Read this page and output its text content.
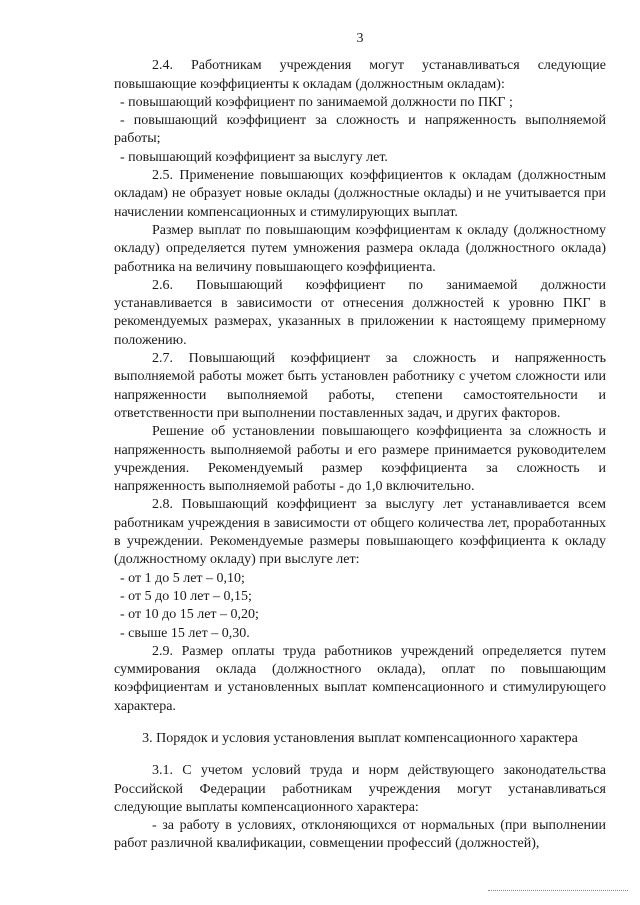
3

2.4. Работникам учреждения могут устанавливаться следующие повышающие коэффициенты к окладам (должностным окладам):

- повышающий коэффициент по занимаемой должности по ПКГ ;

- повышающий коэффициент за сложность и напряженность выполняемой работы;

- повышающий коэффициент за выслугу лет.

2.5. Применение повышающих коэффициентов к окладам (должностным окладам) не образует новые оклады (должностные оклады) и не учитывается при начислении компенсационных и стимулирующих выплат.

Размер выплат по повышающим коэффициентам к окладу (должностному окладу) определяется путем умножения размера оклада (должностного оклада) работника на величину повышающего коэффициента.

2.6. Повышающий коэффициент по занимаемой должности устанавливается в зависимости от отнесения должностей к уровню ПКГ в рекомендуемых размерах, указанных в приложении к настоящему примерному положению.

2.7. Повышающий коэффициент за сложность и напряженность выполняемой работы может быть установлен работнику с учетом сложности или напряженности выполняемой работы, степени самостоятельности и ответственности при выполнении поставленных задач, и других факторов.

Решение об установлении повышающего коэффициента за сложность и напряженность выполняемой работы и его размере принимается руководителем учреждения. Рекомендуемый размер коэффициента за сложность и напряженность выполняемой работы - до 1,0 включительно.

2.8. Повышающий коэффициент за выслугу лет устанавливается всем работникам учреждения в зависимости от общего количества лет, проработанных в учреждении. Рекомендуемые размеры повышающего коэффициента к окладу (должностному окладу) при выслуге лет:

- от 1 до 5 лет – 0,10;

- от 5 до 10 лет – 0,15;

- от 10 до 15 лет – 0,20;

- свыше 15 лет – 0,30.

2.9. Размер оплаты труда работников учреждений определяется путем суммирования оклада (должностного оклада), оплат по повышающим коэффициентам и установленных выплат компенсационного и стимулирующего характера.

3. Порядок и условия установления выплат компенсационного характера

3.1. С учетом условий труда и норм действующего законодательства Российской Федерации работникам учреждения могут устанавливаться следующие выплаты компенсационного характера:

- за работу в условиях, отклоняющихся от нормальных (при выполнении работ различной квалификации, совмещении профессий (должностей),
